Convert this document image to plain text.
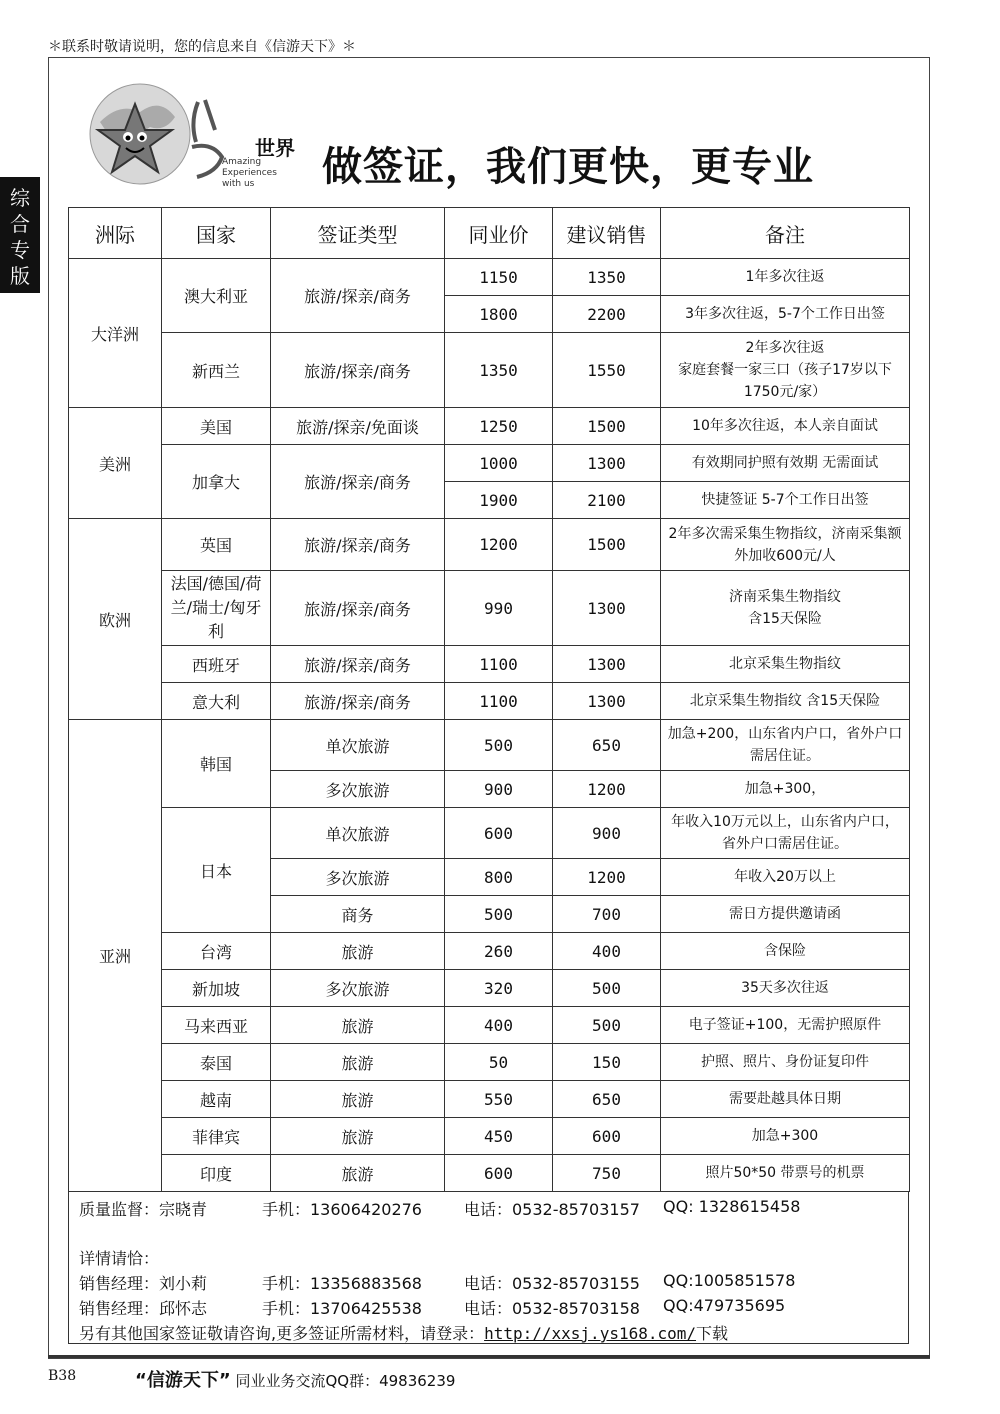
＊联系时敬请说明，您的信息来自《信游天下》＊
综
合
专
版
世界
Amazing
Experiences
with us	做签证，我们更快，更专业
洲际	国家	签证类型	同业价	建议销售	备注
大洋洲	澳大利亚	旅游/探亲/商务	1150	1350	1年多次往返
			1800	2200	3年多次往返，5-7个工作日出签
	新西兰	旅游/探亲/商务	1350	1550	2年多次往返
家庭套餐一家三口（孩子17岁以下1750元/家）
美洲	美国	旅游/探亲/免面谈	1250	1500	10年多次往返，本人亲自面试
	加拿大	旅游/探亲/商务	1000	1300	有效期同护照有效期 无需面试
			1900	2100	快捷签证 5-7个工作日出签
欧洲	英国	旅游/探亲/商务	1200	1500	2年多次需采集生物指纹，济南采集额外加收600元/人
	法国/德国/荷兰/瑞士/匈牙利	旅游/探亲/商务	990	1300	济南采集生物指纹
含15天保险
	西班牙	旅游/探亲/商务	1100	1300	北京采集生物指纹
	意大利	旅游/探亲/商务	1100	1300	北京采集生物指纹 含15天保险
亚洲	韩国	单次旅游	500	650	加急+200，山东省内户口，省外户口需居住证。
		多次旅游	900	1200	加急+300，
	日本	单次旅游	600	900	年收入10万元以上，山东省内户口，省外户口需居住证。
		多次旅游	800	1200	年收入20万以上
		商务	500	700	需日方提供邀请函
	台湾	旅游	260	400	含保险
	新加坡	多次旅游	320	500	35天多次往返
	马来西亚	旅游	400	500	电子签证+100，无需护照原件
	泰国	旅游	50	150	护照、照片、身份证复印件
	越南	旅游	550	650	需要赴越具体日期
	菲律宾	旅游	450	600	加急+300
	印度	旅游	600	750	照片50*50 带票号的机票
质量监督：宗晓青	手机：13606420276	电话：0532-85703157 QQ: 1328615458
详情请恰：
销售经理：刘小莉	手机：13356883568	电话：0532-85703155 QQ:1005851578
销售经理：邱怀志	手机：13706425538	电话：0532-85703158 QQ:479735695
另有其他国家签证敬请咨询,更多签证所需材料，请登录：http://xxsj.ys168.com/下载
B38	“信游天下” 同业业务交流QQ群：49836239
